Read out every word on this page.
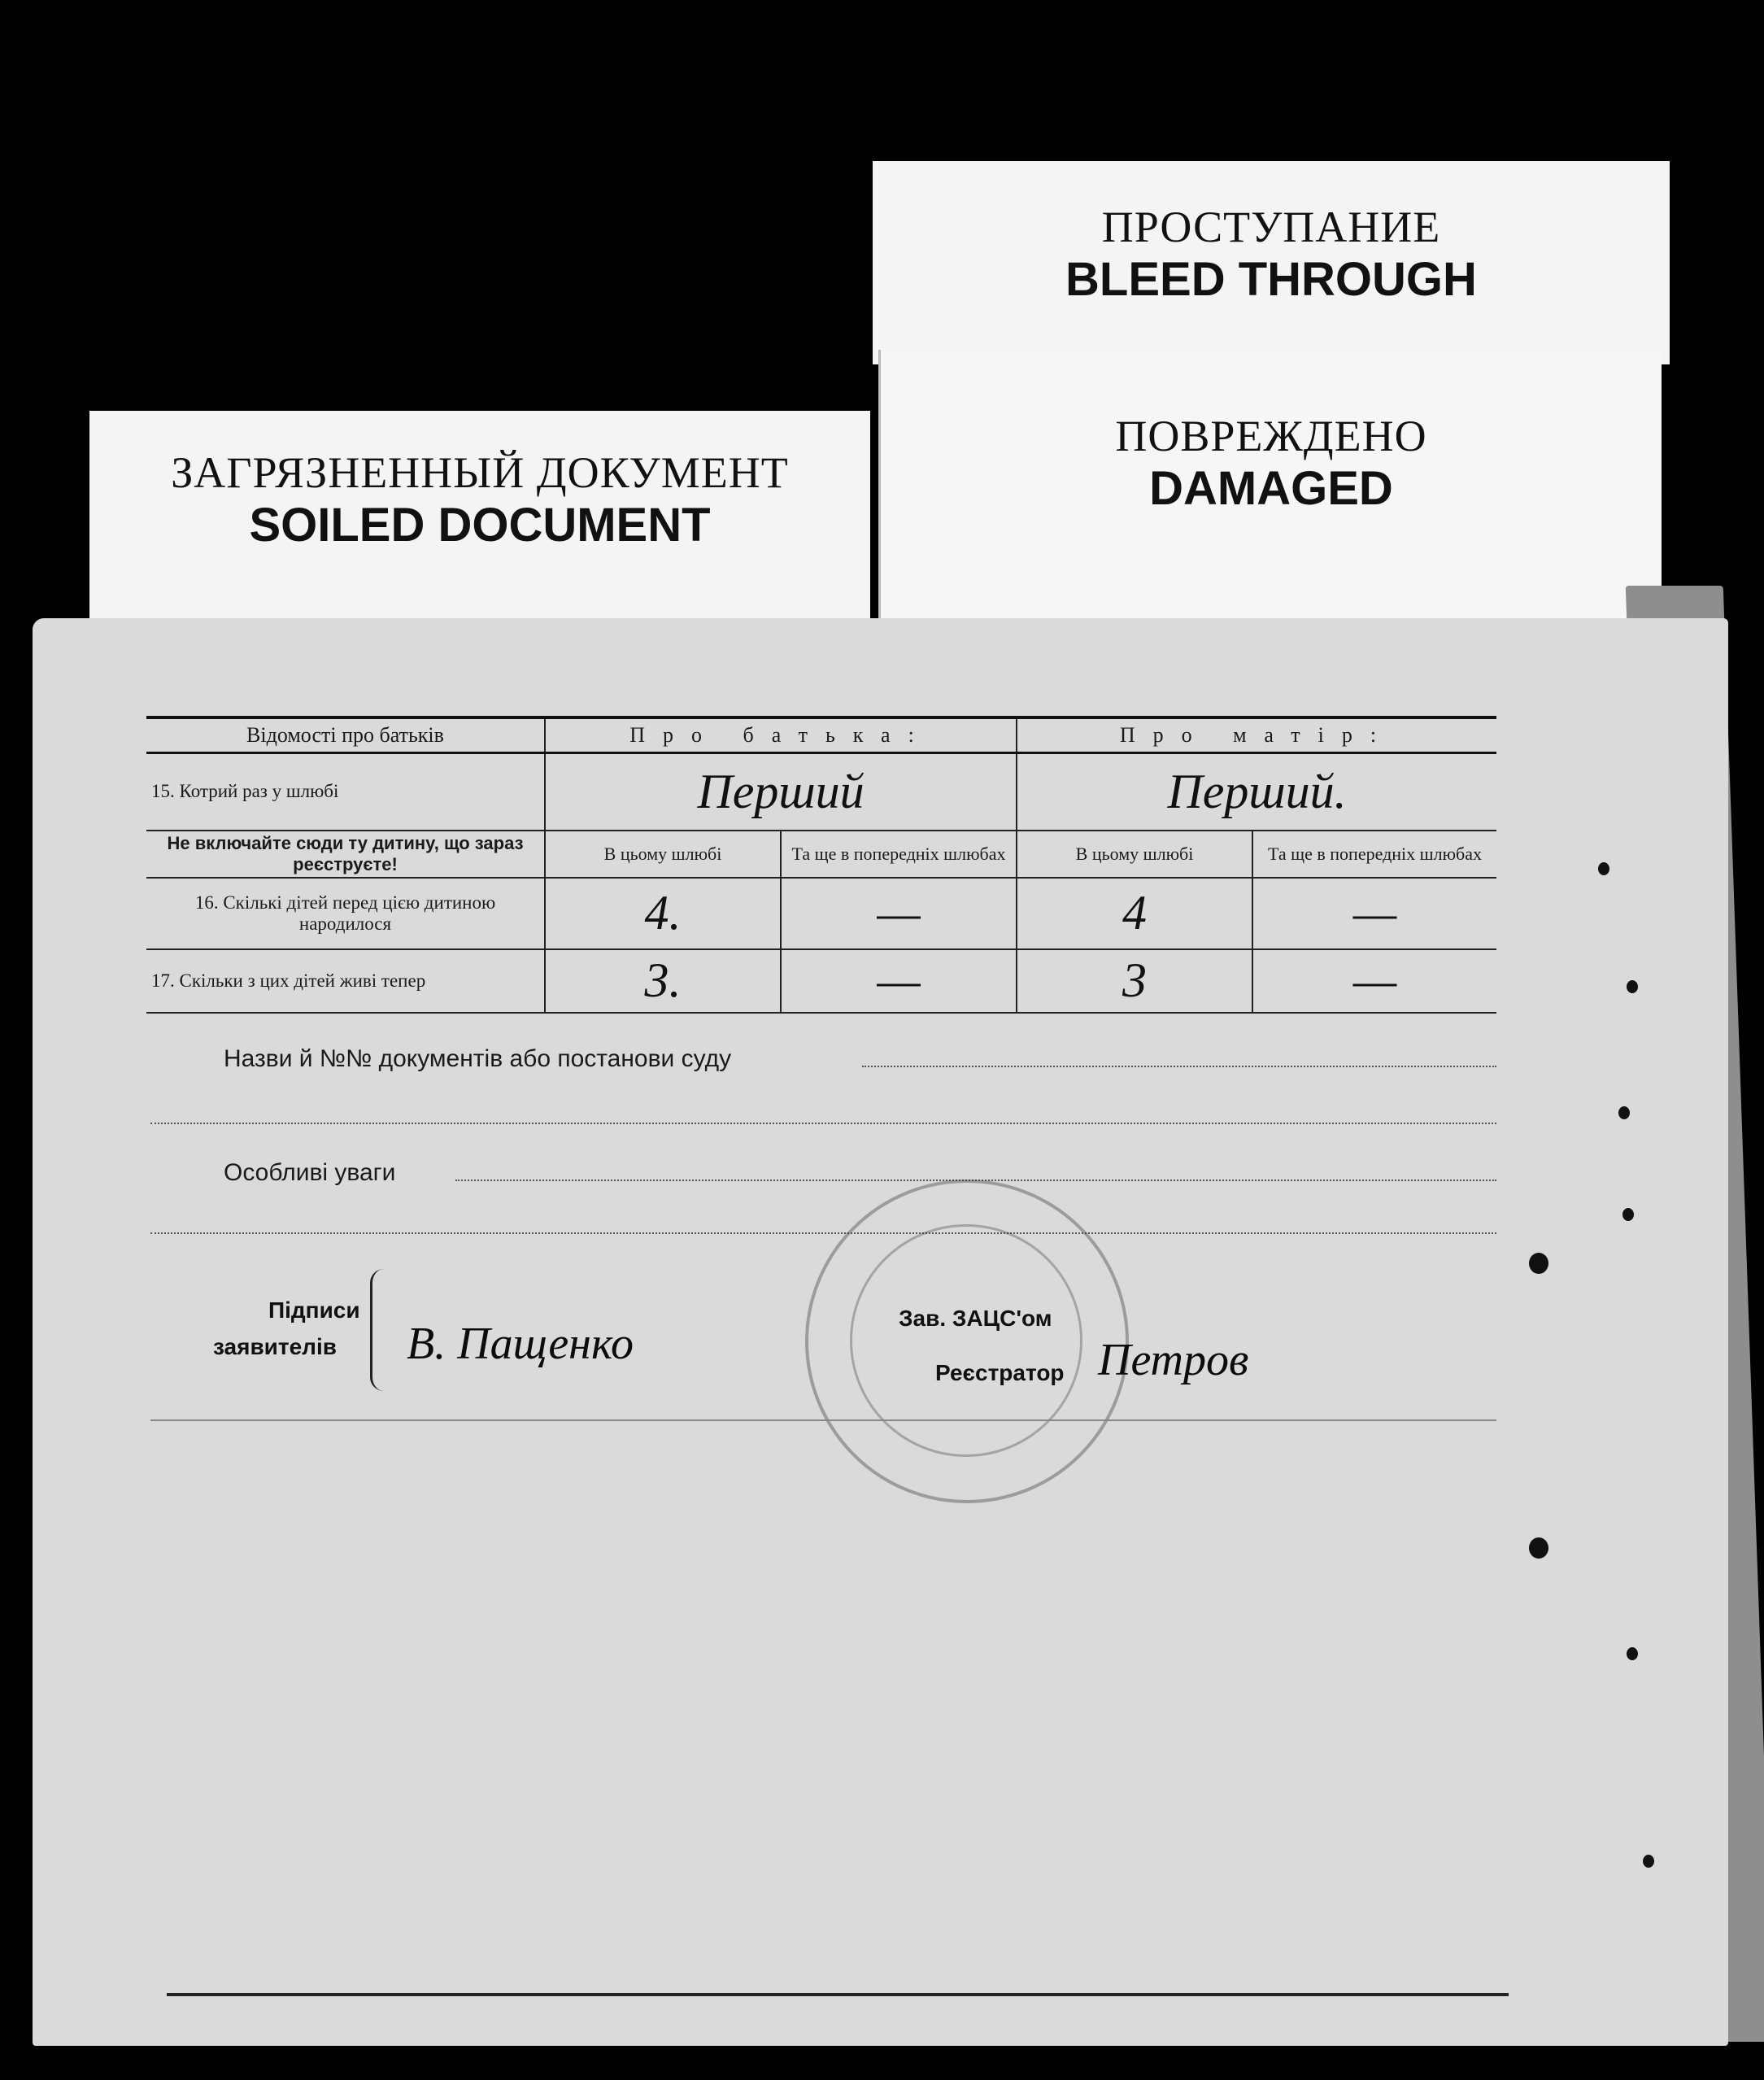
ПРОСТУПАНИЕ
BLEED THROUGH
ПОВРЕЖДЕНО
DAMAGED
ЗАГРЯЗНЕННЫЙ ДОКУМЕНТ
SOILED DOCUMENT
Відомості про батьків	Про батька:		Про матір:	
15. Котрий раз у шлюбі	Перший		Перший.	
Не включайте сюди ту дитину, що зараз реєструєте!	В цьому шлюбі	Та ще в попередніх шлюбах	В цьому шлюбі	Та ще в попередніх шлюбах
16. Скількі дітей перед цією дитиною народилося	4.	—	4	—
17. Скільки з цих дітей живі тепер	3.	—	3	—
Назви й №№ документів або постанови суду
Особливі уваги
Підписи
заявителів В. Пащенко
Зав. ЗАЦС'ом
Реєстратор Петров
